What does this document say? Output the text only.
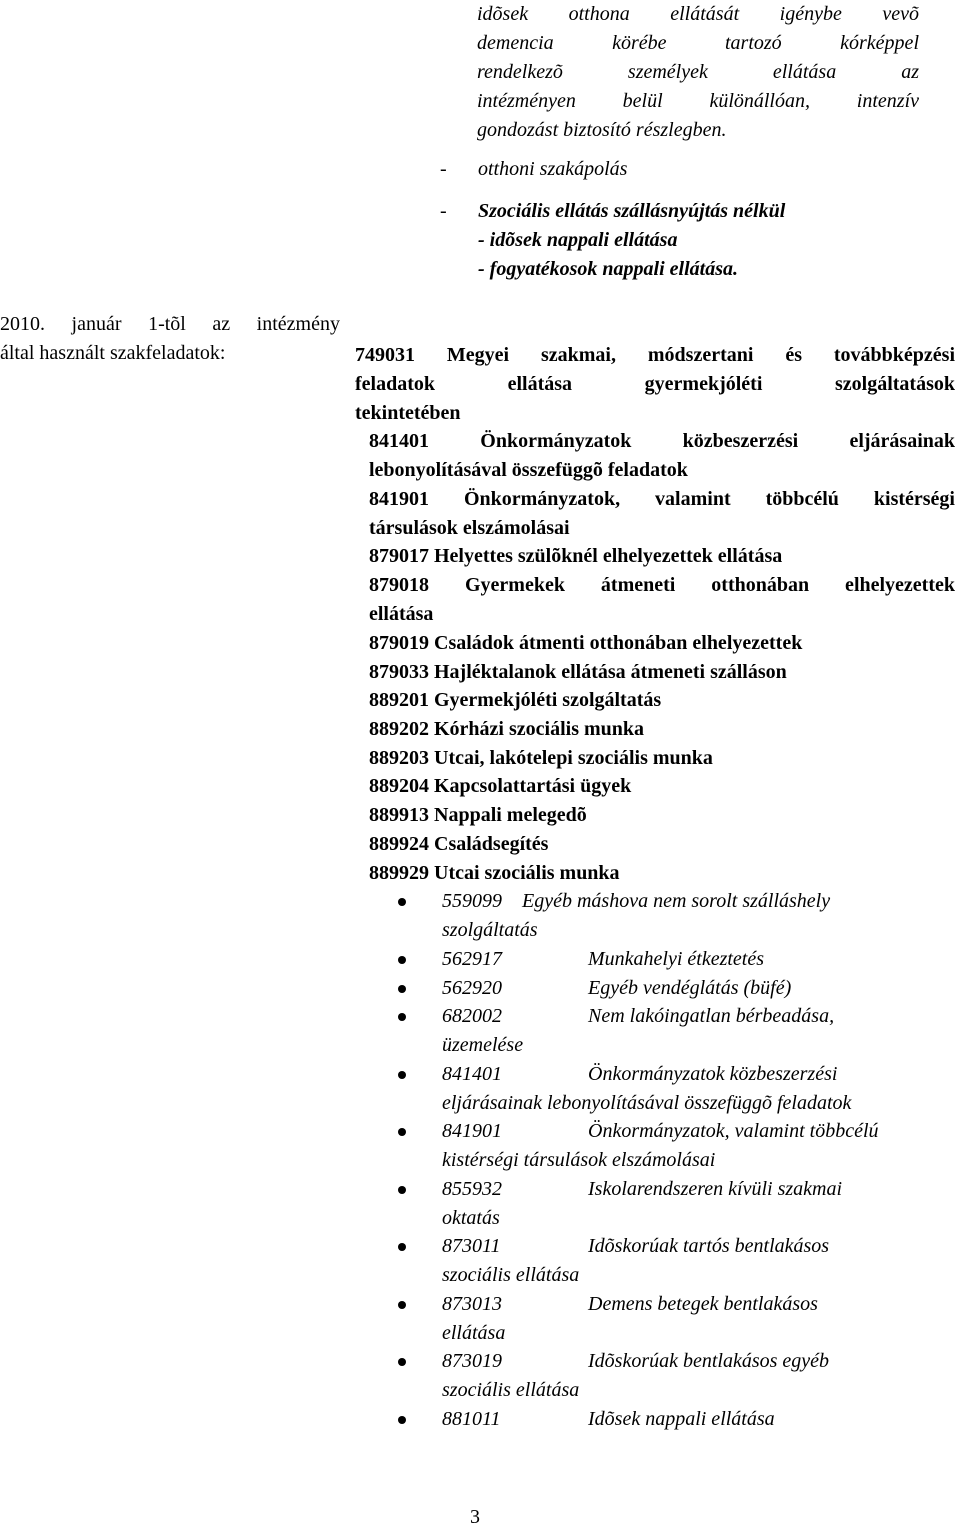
idõsek otthona ellátását igénybe vevõ
demencia körébe tartozó kórképpel
rendelkezõ személyek ellátása az
intézményen belül különállóan, intenzív
gondozást biztosító részlegben.
- otthoni szakápolás
- Szociális ellátás szállásnyújtás nélkül
- idõsek nappali ellátása
- fogyatékosok nappali ellátása.
2010. január 1-tõl az intézmény
által használt szakfeladatok:	749031 Megyei szakmai, módszertani és továbbképzési
feladatok ellátása gyermekjóléti szolgáltatások
tekintetében
841401	Önkormányzatok közbeszerzési eljárásainak
lebonyolításával összefüggõ feladatok
841901 Önkormányzatok, valamint többcélú kistérségi
társulások elszámolásai
879017 Helyettes szülõknél elhelyezettek ellátása
879018 Gyermekek átmeneti otthonában elhelyezettek
ellátása
879019 Családok átmenti otthonában elhelyezettek
879033 Hajléktalanok ellátása átmeneti szálláson
889201 Gyermekjóléti szolgáltatás
889202 Kórházi szociális munka
889203 Utcai, lakótelepi szociális munka
889204 Kapcsolattartási ügyek
889913 Nappali melegedõ
889924 Családsegítés
889929 Utcai szociális munka
559099 Egyéb máshova nem sorolt szálláshely
szolgáltatás
562917	Munkahelyi étkeztetés
562920	Egyéb vendéglátás (büfé)
682002	Nem lakóingatlan bérbeadása,
üzemelése
841401	Önkormányzatok közbeszerzési
eljárásainak lebonyolításával összefüggõ feladatok
841901	Önkormányzatok, valamint többcélú
kistérségi társulások elszámolásai
855932	Iskolarendszeren kívüli szakmai
oktatás
873011	Idõskorúak tartós bentlakásos
szociális ellátása
873013	Demens betegek bentlakásos
ellátása
873019	Idõskorúak bentlakásos egyéb
szociális ellátása
881011	Idõsek nappali ellátása
3
